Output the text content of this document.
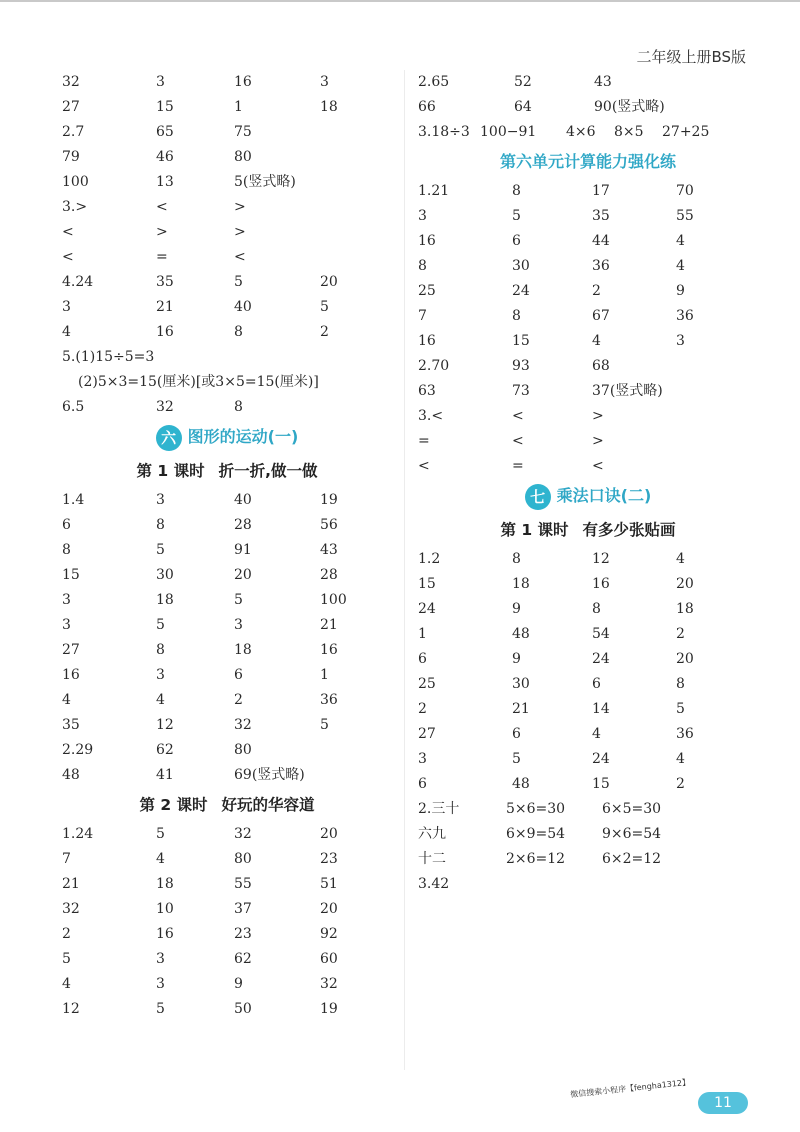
二年级上册BS版
32	3	16	3
27	15	1	18
2.7	65	75
79	46	80
100	13	5(竖式略)
3.>	<	>
<	>	>
<	=	<
4.24	35	5	20
3	21	40	5
4	16	8	2
5.(1)15÷5=3
(2)5×3=15(厘米)[或3×5=15(厘米)]
6.5	32	8
六 图形的运动(一)
第 1 课时 折一折,做一做
1.4	3	40	19
6	8	28	56
8	5	91	43
15	30	20	28
3	18	5	100
3	5	3	21
27	8	18	16
16	3	6	1
4	4	2	36
35	12	32	5
2.29	62	80
48	41	69(竖式略)
第 2 课时 好玩的华容道
1.24	5	32	20
7	4	80	23
21	18	55	51
32	10	37	20
2	16	23	92
5	3	62	60
4	3	9	32
12	5	50	19
2.65	52	43
66	64	90(竖式略)
3.18÷3 100−91 4×6 8×5 27+25
第六单元计算能力强化练
1.21	8	17	70
3	5	35	55
16	6	44	4
8	30	36	4
25	24	2	9
7	8	67	36
16	15	4	3
2.70	93	68
63	73	37(竖式略)
3.<	<	>
=	<	>
<	=	<
七 乘法口诀(二)
第 1 课时 有多少张贴画
1.2	8	12	4
15	18	16	20
24	9	8	18
1	48	54	2
6	9	24	20
25	30	6	8
2	21	14	5
27	6	4	36
3	5	24	4
6	48	15	2
2.三十	5×6=30	6×5=30
六九	6×9=54	9×6=54
十二	2×6=12	6×2=12
3.42
微信搜索小程序【fengha1312】
11
